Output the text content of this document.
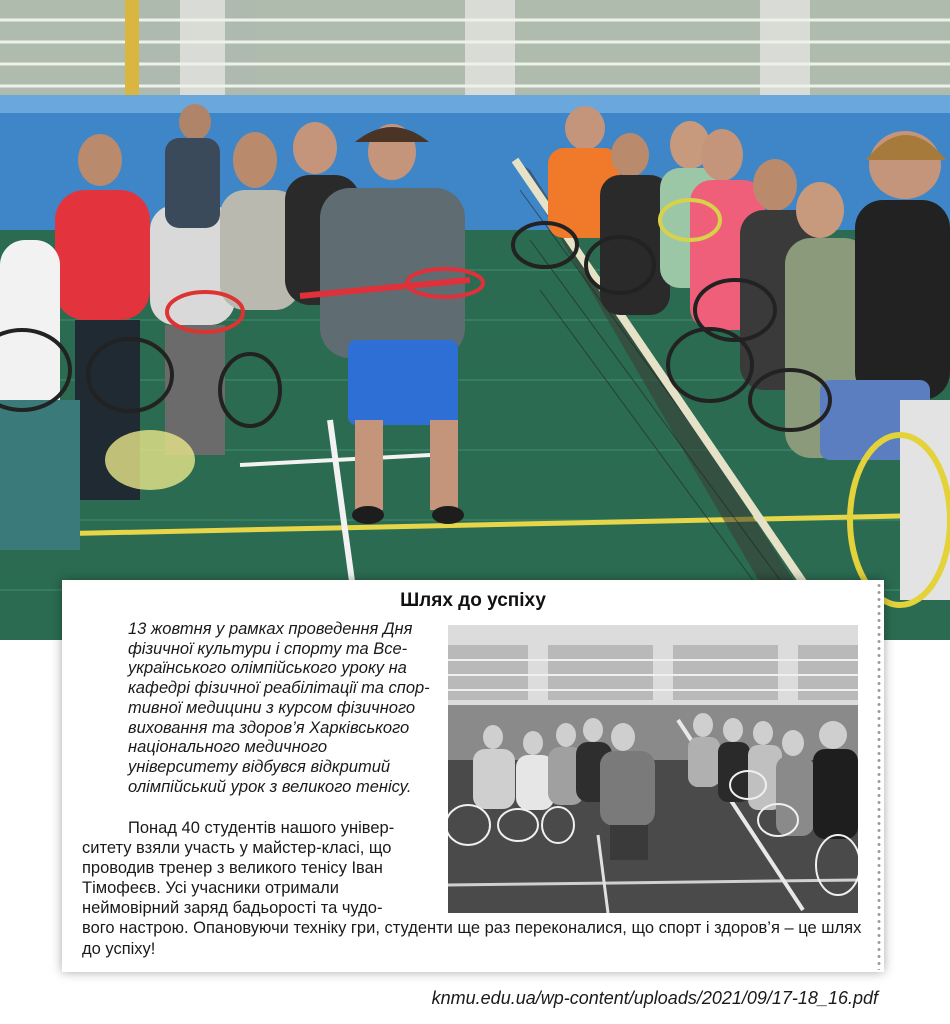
Шлях до успіху
13 жовтня у рамках проведення Дня фізичної культури і спорту та Все-українського олімпійського уроку на кафедрі фізичної реабілітації та спор-тивної медицини з курсом фізичного виховання та здоров’я Харківського національного медичного університету відбувся відкритий олімпійський урок з великого тенісу.

Понад 40 студентів нашого універ-ситету взяли участь у майстер-класі, що проводив тренер з великого тенісу Іван Тімофеєв. Усі учасники отримали неймовірний заряд бадьорості та чудо-

вого настрою. Опановуючи техніку гри, студенти ще раз переконалися, що спорт і здоров’я – це шлях до успіху!
knmu.edu.ua/wp-content/uploads/2021/09/17-18_16.pdf
